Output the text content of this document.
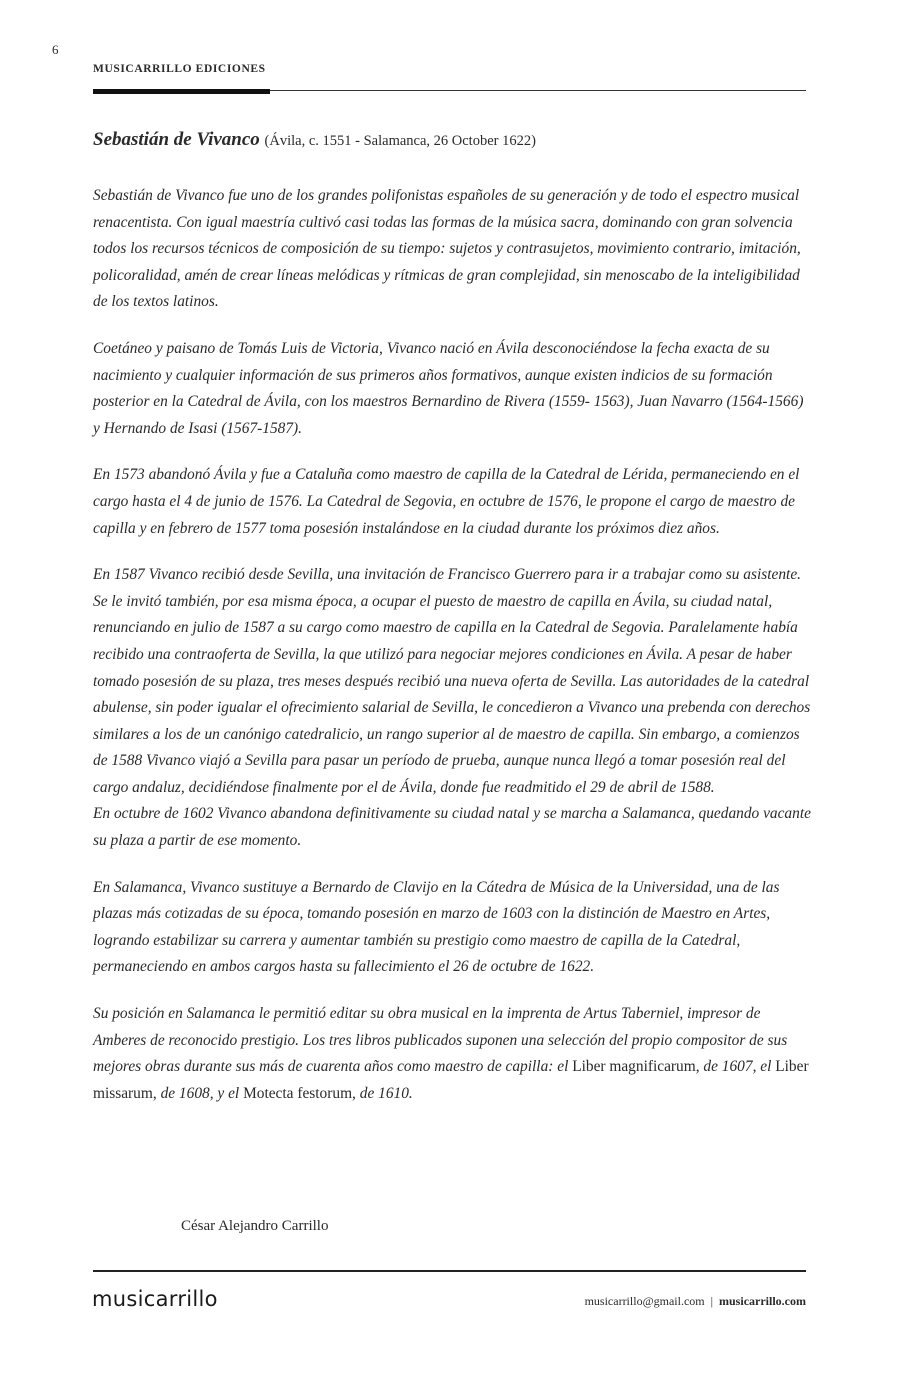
6
MUSICARRILLO EDICIONES
Sebastián de Vivanco (Ávila, c. 1551 - Salamanca, 26 October 1622)

Sebastián de Vivanco fue uno de los grandes polifonistas españoles de su generación y de todo el espectro musical renacentista. Con igual maestría cultivó casi todas las formas de la música sacra, dominando con gran solvencia todos los recursos técnicos de composición de su tiempo: sujetos y contrasujetos, movimiento contrario, imitación, policoralidad, amén de crear líneas melódicas y rítmicas de gran complejidad, sin menoscabo de la inteligibilidad de los textos latinos.

Coetáneo y paisano de Tomás Luis de Victoria, Vivanco nació en Ávila desconociéndose la fecha exacta de su nacimiento y cualquier información de sus primeros años formativos, aunque existen indicios de su formación posterior en la Catedral de Ávila, con los maestros Bernardino de Rivera (1559- 1563), Juan Navarro (1564-1566) y Hernando de Isasi (1567-1587).

En 1573 abandonó Ávila y fue a Cataluña como maestro de capilla de la Catedral de Lérida, permaneciendo en el cargo hasta el 4 de junio de 1576. La Catedral de Segovia, en octubre de 1576, le propone el cargo de maestro de capilla y en febrero de 1577 toma posesión instalándose en la ciudad durante los próximos diez años.

En 1587 Vivanco recibió desde Sevilla, una invitación de Francisco Guerrero para ir a trabajar como su asistente. Se le invitó también, por esa misma época, a ocupar el puesto de maestro de capilla en Ávila, su ciudad natal, renunciando en julio de 1587 a su cargo como maestro de capilla en la Catedral de Segovia. Paralelamente había recibido una contraoferta de Sevilla, la que utilizó para negociar mejores condiciones en Ávila. A pesar de haber tomado posesión de su plaza, tres meses después recibió una nueva oferta de Sevilla. Las autoridades de la catedral abulense, sin poder igualar el ofrecimiento salarial de Sevilla, le concedieron a Vivanco una prebenda con derechos similares a los de un canónigo catedralicio, un rango superior al de maestro de capilla. Sin embargo, a comienzos de 1588 Vivanco viajó a Sevilla para pasar un período de prueba, aunque nunca llegó a tomar posesión real del cargo andaluz, decidiéndose finalmente por el de Ávila, donde fue readmitido el 29 de abril de 1588.

En octubre de 1602 Vivanco abandona definitivamente su ciudad natal y se marcha a Salamanca, quedando vacante su plaza a partir de ese momento.

En Salamanca, Vivanco sustituye a Bernardo de Clavijo en la Cátedra de Música de la Universidad, una de las plazas más cotizadas de su época, tomando posesión en marzo de 1603 con la distinción de Maestro en Artes, logrando estabilizar su carrera y aumentar también su prestigio como maestro de capilla de la Catedral, permaneciendo en ambos cargos hasta su fallecimiento el 26 de octubre de 1622.

Su posición en Salamanca le permitió editar su obra musical en la imprenta de Artus Taberniel, impresor de Amberes de reconocido prestigio. Los tres libros publicados suponen una selección del propio compositor de sus mejores obras durante sus más de cuarenta años como maestro de capilla: el Liber magnificarum, de 1607, el Liber missarum, de 1608, y el Motecta festorum, de 1610.

César Alejandro Carrillo
musicarrillo	musicarrillo@gmail.com | musicarrillo.com
